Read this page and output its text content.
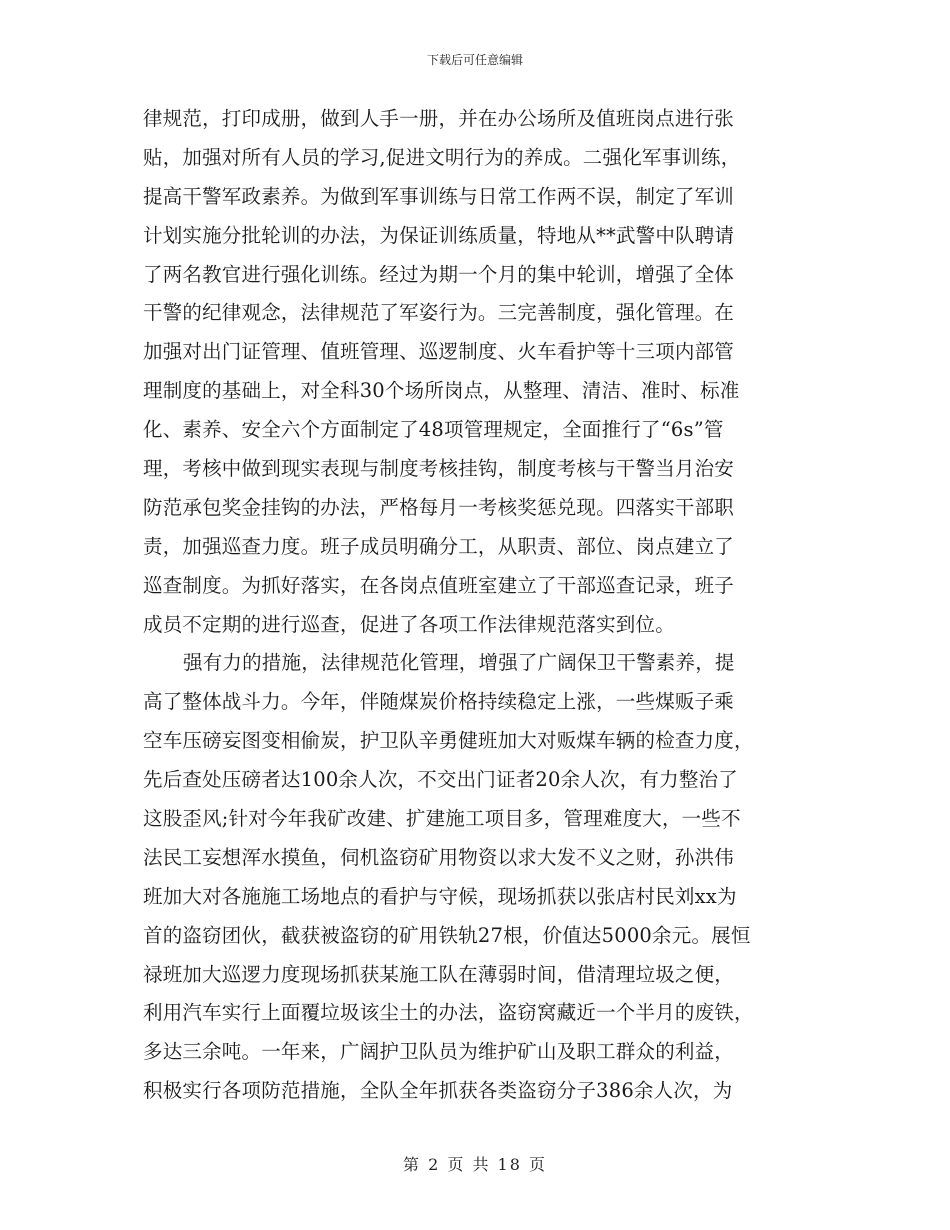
下载后可任意编辑
律规范，打印成册，做到人手一册，并在办公场所及值班岗点进行张
贴，加强对所有人员的学习,促进文明行为的养成。二强化军事训练，
提高干警军政素养。为做到军事训练与日常工作两不误，制定了军训
计划实施分批轮训的办法，为保证训练质量，特地从**武警中队聘请
了两名教官进行强化训练。经过为期一个月的集中轮训，增强了全体
干警的纪律观念，法律规范了军姿行为。三完善制度，强化管理。在
加强对出门证管理、值班管理、巡逻制度、火车看护等十三项内部管
理制度的基础上，对全科30个场所岗点，从整理、清洁、准时、标准
化、素养、安全六个方面制定了48项管理规定，全面推行了“6s”管
理，考核中做到现实表现与制度考核挂钩，制度考核与干警当月治安
防范承包奖金挂钩的办法，严格每月一考核奖惩兑现。四落实干部职
责，加强巡查力度。班子成员明确分工，从职责、部位、岗点建立了
巡查制度。为抓好落实，在各岗点值班室建立了干部巡查记录，班子
成员不定期的进行巡查，促进了各项工作法律规范落实到位。
强有力的措施，法律规范化管理，增强了广阔保卫干警素养，提
高了整体战斗力。今年，伴随煤炭价格持续稳定上涨，一些煤贩子乘
空车压磅妄图变相偷炭，护卫队辛勇健班加大对贩煤车辆的检查力度，
先后查处压磅者达100余人次，不交出门证者20余人次，有力整治了
这股歪风;针对今年我矿改建、扩建施工项目多，管理难度大，一些不
法民工妄想浑水摸鱼，伺机盗窃矿用物资以求大发不义之财，孙洪伟
班加大对各施施工场地点的看护与守候，现场抓获以张店村民刘xx为
首的盗窃团伙，截获被盗窃的矿用铁轨27根，价值达5000余元。展恒
禄班加大巡逻力度现场抓获某施工队在薄弱时间，借清理垃圾之便，
利用汽车实行上面覆垃圾该尘土的办法，盗窃窝藏近一个半月的废铁，
多达三余吨。一年来，广阔护卫队员为维护矿山及职工群众的利益，
积极实行各项防范措施，全队全年抓获各类盗窃分子386余人次，为
第 2 页 共 18 页
